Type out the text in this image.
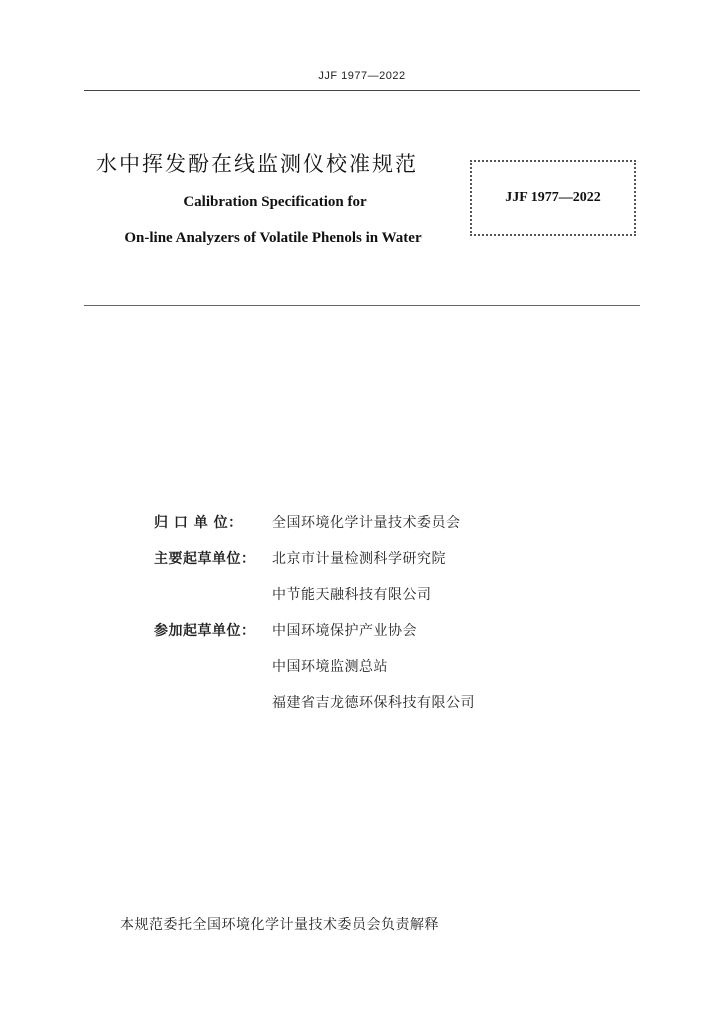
JJF 1977—2022
水中挥发酚在线监测仪校准规范
Calibration Specification for
On-line Analyzers of Volatile Phenols in Water
JJF 1977—2022
归 口 单 位：	全国环境化学计量技术委员会
主要起草单位：	北京市计量检测科学研究院
中节能天融科技有限公司
参加起草单位：	中国环境保护产业协会
中国环境监测总站
福建省吉龙德环保科技有限公司
本规范委托全国环境化学计量技术委员会负责解释
